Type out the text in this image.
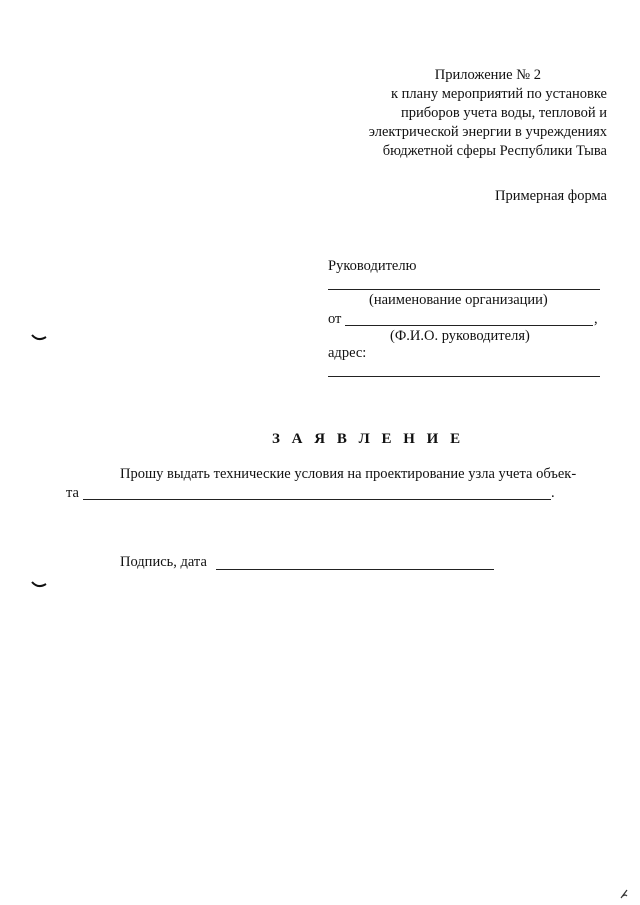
Приложение № 2
к плану мероприятий по установке
приборов учета воды, тепловой и
электрической энергии в учреждениях
бюджетной сферы Республики Тыва
Примерная форма
Руководителю
(наименование организации)
от	,
(Ф.И.О. руководителя)
адрес:
З А Я В Л Е Н И Е
Прошу выдать технические условия на проектирование узла учета объек-
та	.
Подпись, дата
